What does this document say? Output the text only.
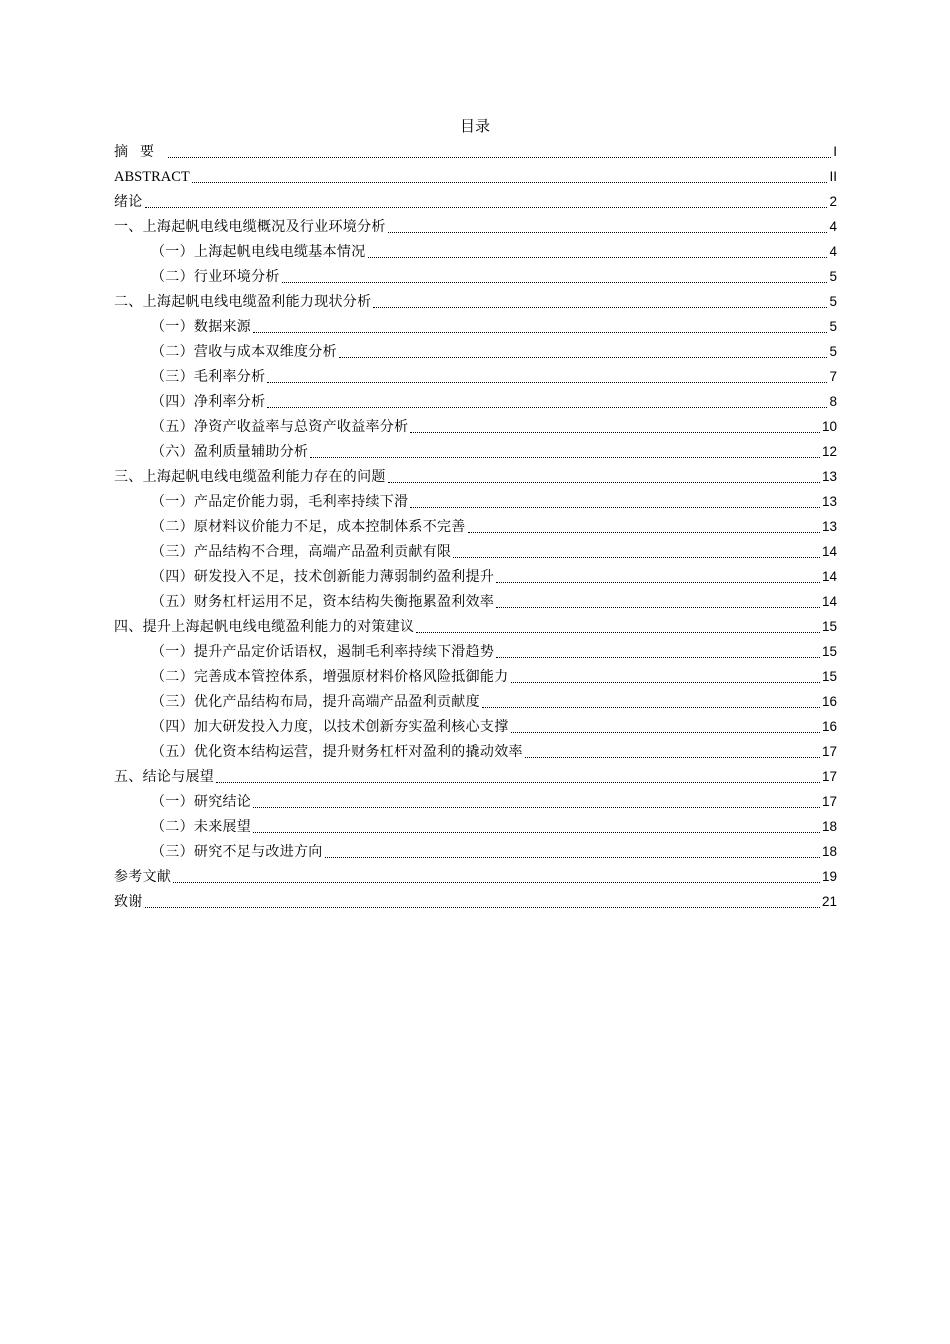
目录
摘要	I
ABSTRACT	II
绪论	2
一、上海起帆电线电缆概况及行业环境分析	4
（一）上海起帆电线电缆基本情况	4
（二）行业环境分析	5
二、上海起帆电线电缆盈利能力现状分析	5
（一）数据来源	5
（二）营收与成本双维度分析	5
（三）毛利率分析	7
（四）净利率分析	8
（五）净资产收益率与总资产收益率分析	10
（六）盈利质量辅助分析	12
三、上海起帆电线电缆盈利能力存在的问题	13
（一）产品定价能力弱，毛利率持续下滑	13
（二）原材料议价能力不足，成本控制体系不完善	13
（三）产品结构不合理，高端产品盈利贡献有限	14
（四）研发投入不足，技术创新能力薄弱制约盈利提升	14
（五）财务杠杆运用不足，资本结构失衡拖累盈利效率	14
四、提升上海起帆电线电缆盈利能力的对策建议	15
（一）提升产品定价话语权，遏制毛利率持续下滑趋势	15
（二）完善成本管控体系，增强原材料价格风险抵御能力	15
（三）优化产品结构布局，提升高端产品盈利贡献度	16
（四）加大研发投入力度，以技术创新夯实盈利核心支撑	16
（五）优化资本结构运营，提升财务杠杆对盈利的撬动效率	17
五、结论与展望	17
（一）研究结论	17
（二）未来展望	18
（三）研究不足与改进方向	18
参考文献	19
致谢	21
